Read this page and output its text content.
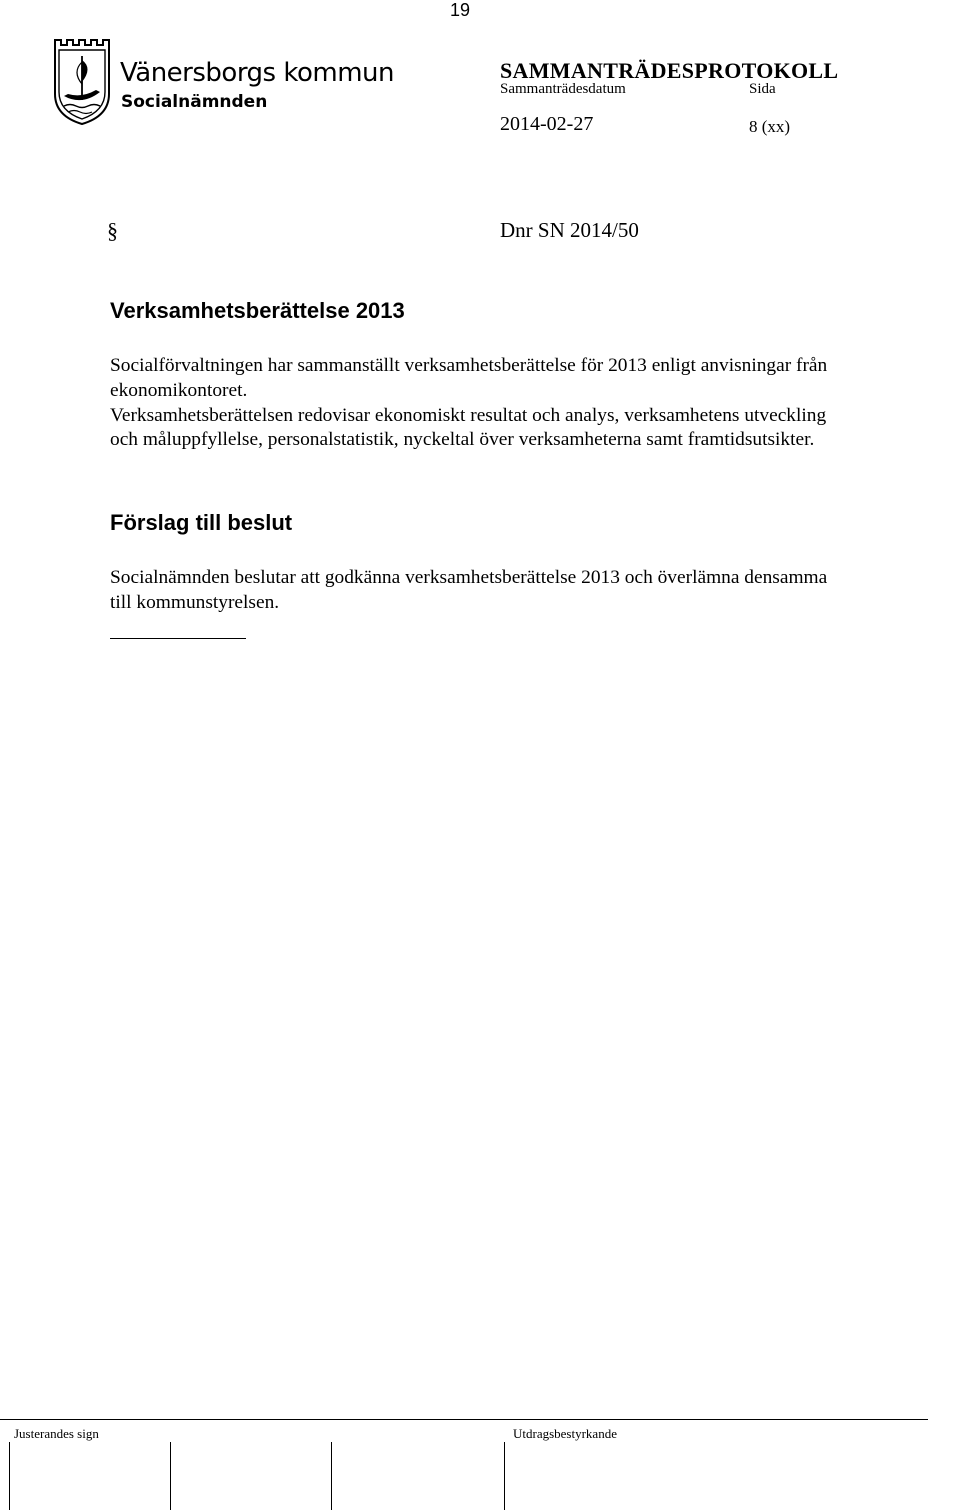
19
Vänersborgs kommun
Socialnämnden
SAMMANTRÄDESPROTOKOLL
Sammanträdesdatum	Sida
2014-02-27	8 (xx)
§	Dnr SN 2014/50
Verksamhetsberättelse 2013
Socialförvaltningen har sammanställt verksamhetsberättelse för 2013 enligt anvisningar från
ekonomikontoret.
Verksamhetsberättelsen redovisar ekonomiskt resultat och analys, verksamhetens utveckling
och måluppfyllelse, personalstatistik, nyckeltal över verksamheterna samt framtidsutsikter.
Förslag till beslut
Socialnämnden beslutar att godkänna verksamhetsberättelse 2013 och överlämna densamma
till kommunstyrelsen.
Justerandes sign	Utdragsbestyrkande
